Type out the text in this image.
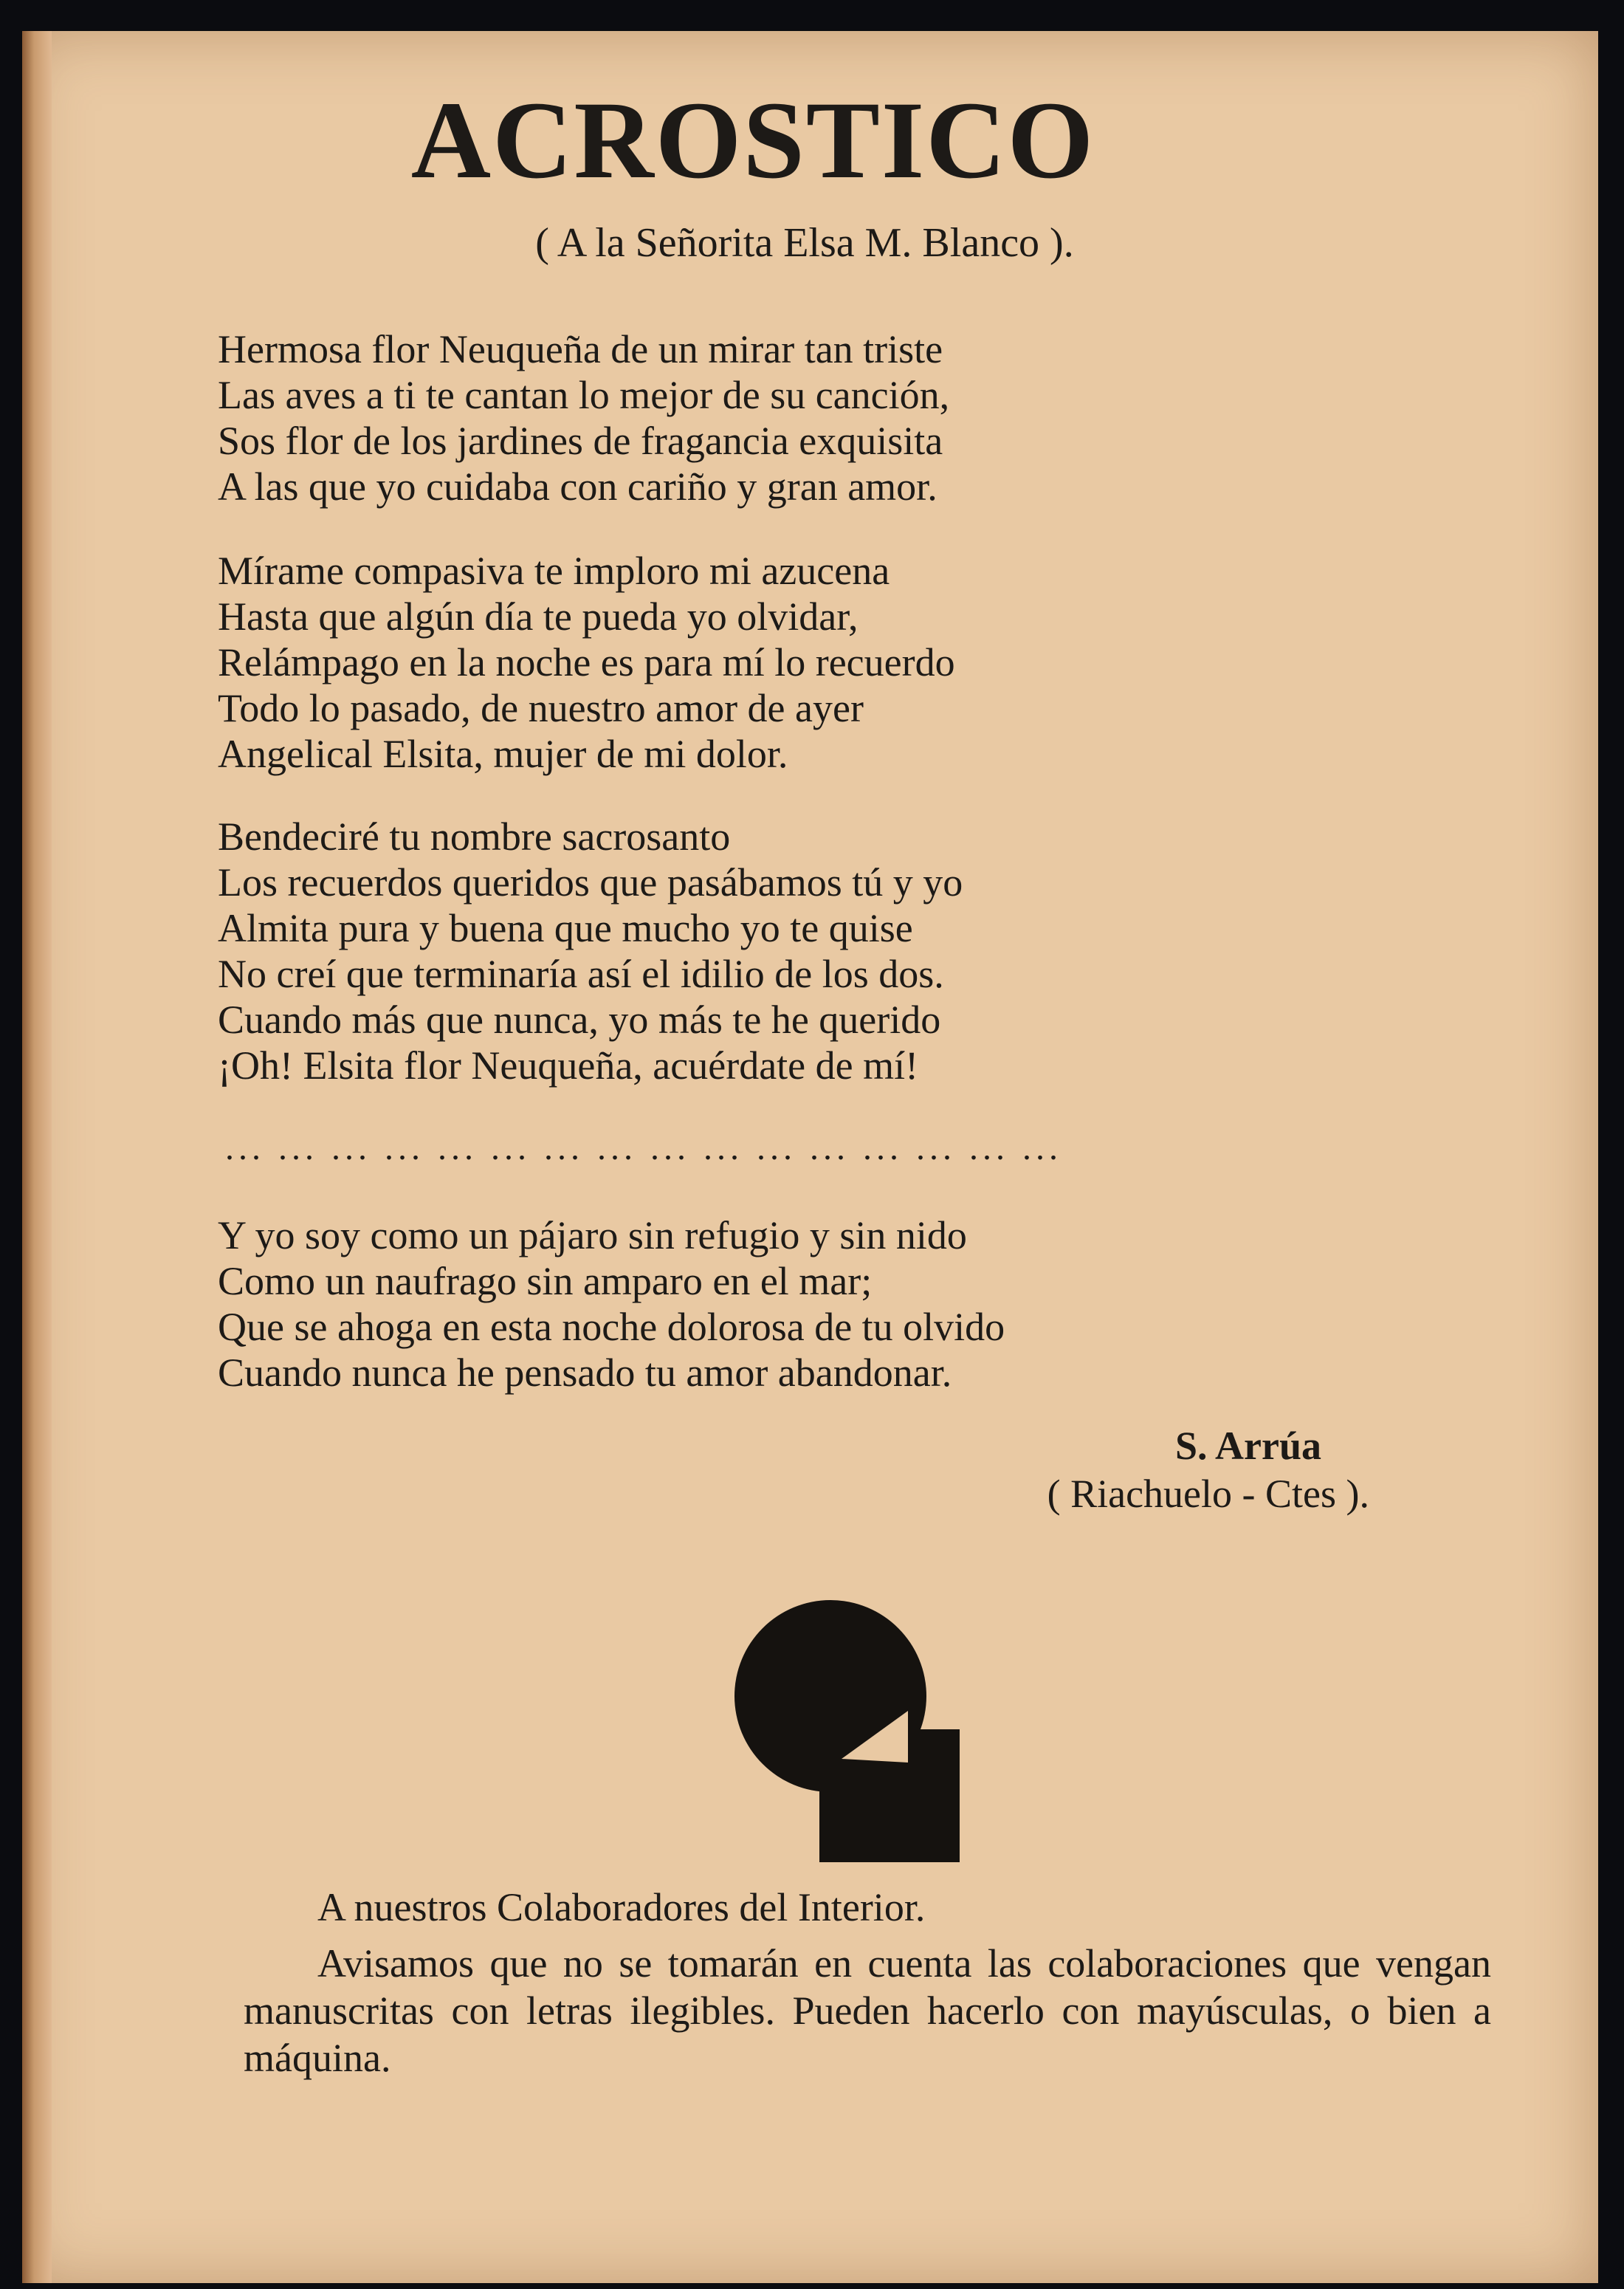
ACROSTICO
( A la Señorita Elsa M. Blanco ).
Hermosa flor Neuqueña de un mirar tan triste
Las aves a ti te cantan lo mejor de su canción,
Sos flor de los jardines de fragancia exquisita
A las que yo cuidaba con cariño y gran amor.
Mírame compasiva te imploro mi azucena
Hasta que algún día te pueda yo olvidar,
Relámpago en la noche es para mí lo recuerdo
Todo lo pasado, de nuestro amor de ayer
Angelical Elsita, mujer de mi dolor.
Bendeciré tu nombre sacrosanto
Los recuerdos queridos que pasábamos tú y yo
Almita pura y buena que mucho yo te quise
No creí que terminaría así el idilio de los dos.
Cuando más que nunca, yo más te he querido
¡Oh! Elsita flor Neuqueña, acuérdate de mí!
... ... ... ... ... ... ... ... ... ... ... ... ... ... ... ...
Y yo soy como un pájaro sin refugio y sin nido
Como un naufrago sin amparo en el mar;
Que se ahoga en esta noche dolorosa de tu olvido
Cuando nunca he pensado tu amor abandonar.
S. Arrúa
( Riachuelo - Ctes ).
A nuestros Colaboradores del Interior.
Avisamos que no se tomarán en cuenta las colaboraciones que vengan manuscritas con letras ilegibles. Pueden hacerlo con mayúsculas, o bien a máquina.
